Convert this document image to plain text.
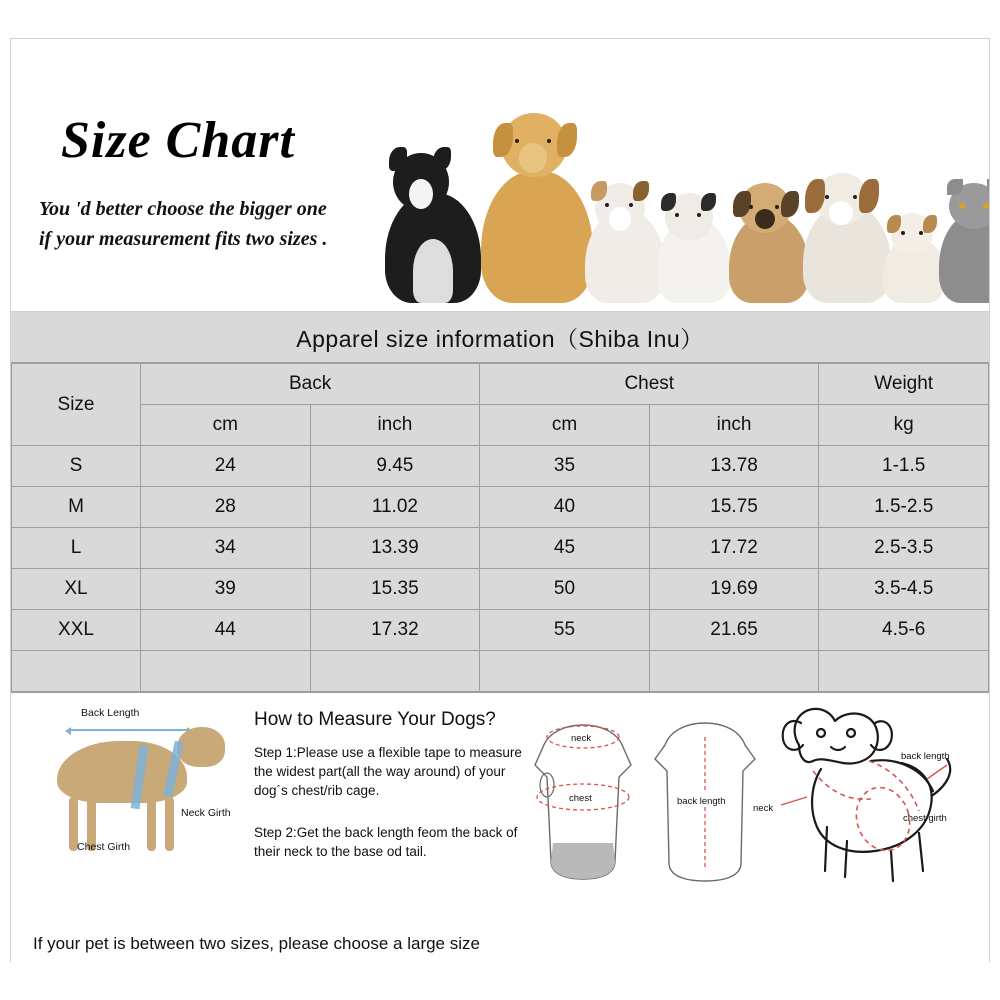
Size Chart
You 'd better choose the bigger one
if your measurement fits two sizes .
Apparel size information（Shiba Inu）
Size	Back		Chest		Weight
	cm	inch	cm	inch	kg
S	24	9.45	35	13.78	1-1.5
M	28	11.02	40	15.75	1.5-2.5
L	34	13.39	45	17.72	2.5-3.5
XL	39	15.35	50	19.69	3.5-4.5
XXL	44	17.32	55	21.65	4.5-6

Back Length
Neck Girth
Chest Girth
How to Measure Your Dogs?
Step 1:Please use a flexible tape to measure the widest part(all the way around) of your dog´s chest/rib cage.
Step 2:Get the back length feom the back of their neck to the base od tail.
neck
chest	back length
neck
back length
chest girth
If your pet is between two sizes, please choose a large size
